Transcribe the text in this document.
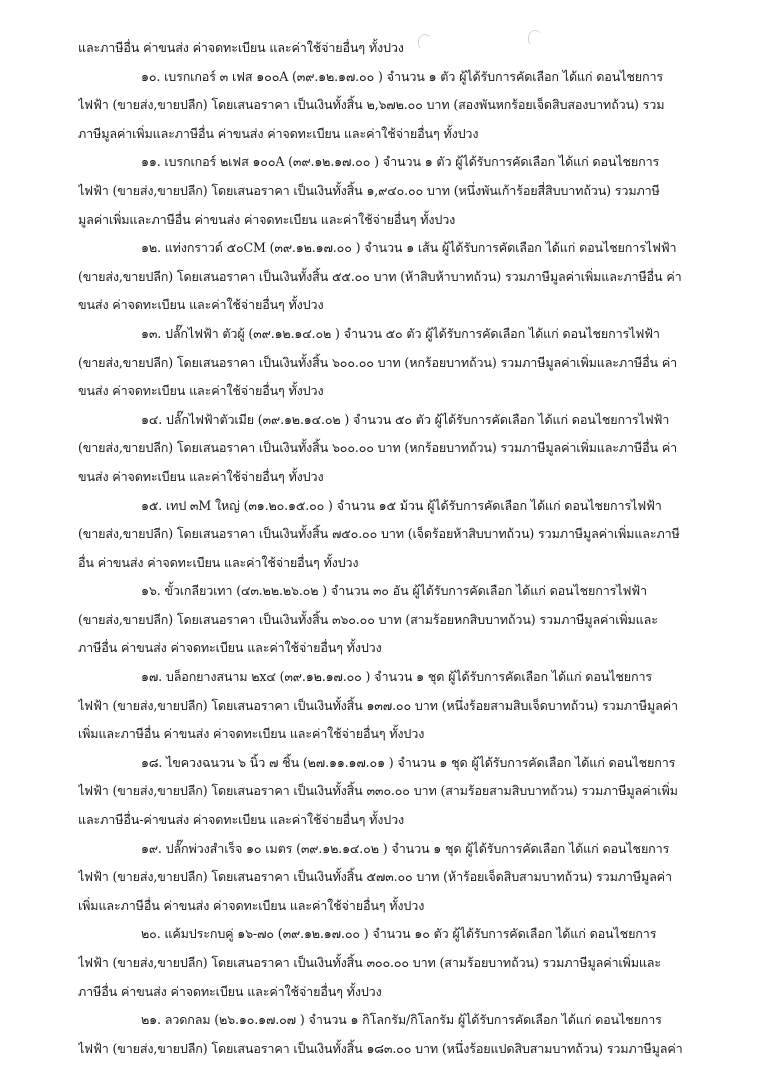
และภาษีอื่น ค่าขนส่ง ค่าจดทะเบียน และค่าใช้จ่ายอื่นๆ ทั้งปวง
๑๐. เบรกเกอร์ ๓ เฟส ๑๐๐A (๓๙.๑๒.๑๗.๐๐ ) จำนวน ๑ ตัว ผู้ได้รับการคัดเลือก ได้แก่ ดอนไชยการ
ไฟฟ้า (ขายส่ง,ขายปลีก) โดยเสนอราคา เป็นเงินทั้งสิ้น ๒,๖๗๒.๐๐ บาท (สองพันหกร้อยเจ็ดสิบสองบาทถ้วน) รวม
ภาษีมูลค่าเพิ่มและภาษีอื่น ค่าขนส่ง ค่าจดทะเบียน และค่าใช้จ่ายอื่นๆ ทั้งปวง
๑๑. เบรกเกอร์ ๒เฟส ๑๐๐A (๓๙.๑๒.๑๗.๐๐ ) จำนวน ๑ ตัว ผู้ได้รับการคัดเลือก ได้แก่ ดอนไชยการ
ไฟฟ้า (ขายส่ง,ขายปลีก) โดยเสนอราคา เป็นเงินทั้งสิ้น ๑,๙๔๐.๐๐ บาท (หนึ่งพันเก้าร้อยสี่สิบบาทถ้วน) รวมภาษี
มูลค่าเพิ่มและภาษีอื่น ค่าขนส่ง ค่าจดทะเบียน และค่าใช้จ่ายอื่นๆ ทั้งปวง
๑๒. แท่งกราวด์ ๕๐CM (๓๙.๑๒.๑๗.๐๐ ) จำนวน ๑ เส้น ผู้ได้รับการคัดเลือก ได้แก่ ดอนไชยการไฟฟ้า
(ขายส่ง,ขายปลีก) โดยเสนอราคา เป็นเงินทั้งสิ้น ๕๕.๐๐ บาท (ห้าสิบห้าบาทถ้วน) รวมภาษีมูลค่าเพิ่มและภาษีอื่น ค่า
ขนส่ง ค่าจดทะเบียน และค่าใช้จ่ายอื่นๆ ทั้งปวง
๑๓. ปลั๊กไฟฟ้า ตัวผู้ (๓๙.๑๒.๑๔.๐๒ ) จำนวน ๕๐ ตัว ผู้ได้รับการคัดเลือก ได้แก่ ดอนไชยการไฟฟ้า
(ขายส่ง,ขายปลีก) โดยเสนอราคา เป็นเงินทั้งสิ้น ๖๐๐.๐๐ บาท (หกร้อยบาทถ้วน) รวมภาษีมูลค่าเพิ่มและภาษีอื่น ค่า
ขนส่ง ค่าจดทะเบียน และค่าใช้จ่ายอื่นๆ ทั้งปวง
๑๔. ปลั๊กไฟฟ้าตัวเมีย (๓๙.๑๒.๑๔.๐๒ ) จำนวน ๕๐ ตัว ผู้ได้รับการคัดเลือก ได้แก่ ดอนไชยการไฟฟ้า
(ขายส่ง,ขายปลีก) โดยเสนอราคา เป็นเงินทั้งสิ้น ๖๐๐.๐๐ บาท (หกร้อยบาทถ้วน) รวมภาษีมูลค่าเพิ่มและภาษีอื่น ค่า
ขนส่ง ค่าจดทะเบียน และค่าใช้จ่ายอื่นๆ ทั้งปวง
๑๕. เทป ๓M ใหญ่ (๓๑.๒๐.๑๕.๐๐ ) จำนวน ๑๕ ม้วน ผู้ได้รับการคัดเลือก ได้แก่ ดอนไชยการไฟฟ้า
(ขายส่ง,ขายปลีก) โดยเสนอราคา เป็นเงินทั้งสิ้น ๗๕๐.๐๐ บาท (เจ็ดร้อยห้าสิบบาทถ้วน) รวมภาษีมูลค่าเพิ่มและภาษี
อื่น ค่าขนส่ง ค่าจดทะเบียน และค่าใช้จ่ายอื่นๆ ทั้งปวง
๑๖. ขั้วเกลียวเทา (๔๓.๒๒.๒๖.๐๒ ) จำนวน ๓๐ อัน ผู้ได้รับการคัดเลือก ได้แก่ ดอนไชยการไฟฟ้า
(ขายส่ง,ขายปลีก) โดยเสนอราคา เป็นเงินทั้งสิ้น ๓๖๐.๐๐ บาท (สามร้อยหกสิบบาทถ้วน) รวมภาษีมูลค่าเพิ่มและ
ภาษีอื่น ค่าขนส่ง ค่าจดทะเบียน และค่าใช้จ่ายอื่นๆ ทั้งปวง
๑๗. บล็อกยางสนาม ๒x๔ (๓๙.๑๒.๑๗.๐๐ ) จำนวน ๑ ชุด ผู้ได้รับการคัดเลือก ได้แก่ ดอนไชยการ
ไฟฟ้า (ขายส่ง,ขายปลีก) โดยเสนอราคา เป็นเงินทั้งสิ้น ๑๓๗.๐๐ บาท (หนึ่งร้อยสามสิบเจ็ดบาทถ้วน) รวมภาษีมูลค่า
เพิ่มและภาษีอื่น ค่าขนส่ง ค่าจดทะเบียน และค่าใช้จ่ายอื่นๆ ทั้งปวง
๑๘. ไขควงฉนวน ๖ นิ้ว ๗ ชิ้น (๒๗.๑๑.๑๗.๐๑ ) จำนวน ๑ ชุด ผู้ได้รับการคัดเลือก ได้แก่ ดอนไชยการ
ไฟฟ้า (ขายส่ง,ขายปลีก) โดยเสนอราคา เป็นเงินทั้งสิ้น ๓๓๐.๐๐ บาท (สามร้อยสามสิบบาทถ้วน) รวมภาษีมูลค่าเพิ่ม
และภาษีอื่น-ค่าขนส่ง ค่าจดทะเบียน และค่าใช้จ่ายอื่นๆ ทั้งปวง
๑๙. ปลั๊กพ่วงสำเร็จ ๑๐ เมตร (๓๙.๑๒.๑๔.๐๒ ) จำนวน ๑ ชุด ผู้ได้รับการคัดเลือก ได้แก่ ดอนไชยการ
ไฟฟ้า (ขายส่ง,ขายปลีก) โดยเสนอราคา เป็นเงินทั้งสิ้น ๕๗๓.๐๐ บาท (ห้าร้อยเจ็ดสิบสามบาทถ้วน) รวมภาษีมูลค่า
เพิ่มและภาษีอื่น ค่าขนส่ง ค่าจดทะเบียน และค่าใช้จ่ายอื่นๆ ทั้งปวง
๒๐. แค้มประกบคู่ ๑๖-๗๐ (๓๙.๑๒.๑๗.๐๐ ) จำนวน ๑๐ ตัว ผู้ได้รับการคัดเลือก ได้แก่ ดอนไชยการ
ไฟฟ้า (ขายส่ง,ขายปลีก) โดยเสนอราคา เป็นเงินทั้งสิ้น ๓๐๐.๐๐ บาท (สามร้อยบาทถ้วน) รวมภาษีมูลค่าเพิ่มและ
ภาษีอื่น ค่าขนส่ง ค่าจดทะเบียน และค่าใช้จ่ายอื่นๆ ทั้งปวง
๒๑. ลวดกลม (๒๖.๑๐.๑๗.๐๗ ) จำนวน ๑ กิโลกรัม/กิโลกรัม ผู้ได้รับการคัดเลือก ได้แก่ ดอนไชยการ
ไฟฟ้า (ขายส่ง,ขายปลีก) โดยเสนอราคา เป็นเงินทั้งสิ้น ๑๘๓.๐๐ บาท (หนึ่งร้อยแปดสิบสามบาทถ้วน) รวมภาษีมูลค่า
